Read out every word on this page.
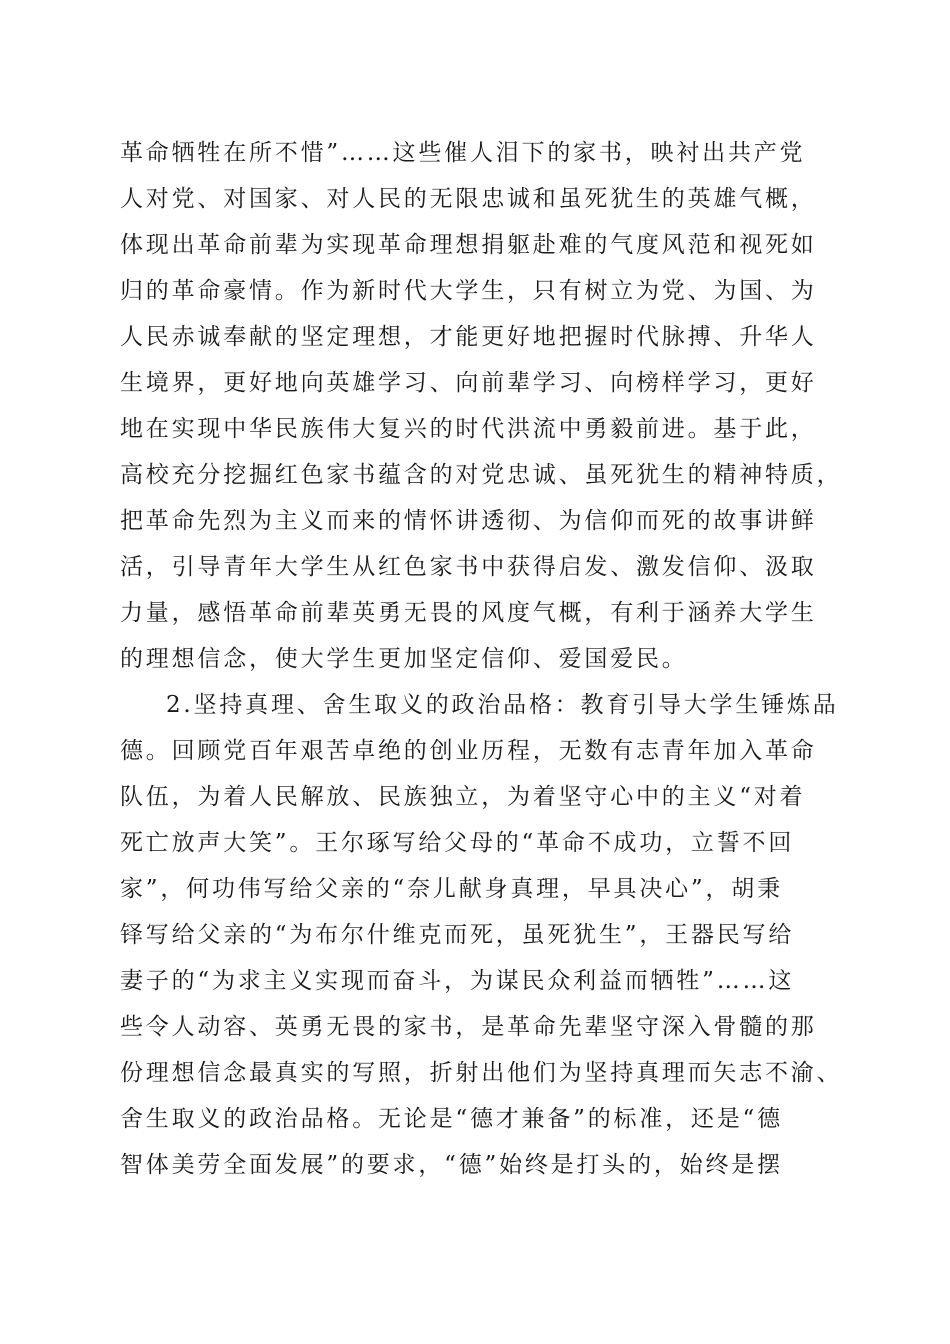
革命牺牲在所不惜”……这些催人泪下的家书，映衬出共产党
人对党、对国家、对人民的无限忠诚和虽死犹生的英雄气概，
体现出革命前辈为实现革命理想捐躯赴难的气度风范和视死如
归的革命豪情。作为新时代大学生，只有树立为党、为国、为
人民赤诚奉献的坚定理想，才能更好地把握时代脉搏、升华人
生境界，更好地向英雄学习、向前辈学习、向榜样学习，更好
地在实现中华民族伟大复兴的时代洪流中勇毅前进。基于此，
高校充分挖掘红色家书蕴含的对党忠诚、虽死犹生的精神特质，
把革命先烈为主义而来的情怀讲透彻、为信仰而死的故事讲鲜
活，引导青年大学生从红色家书中获得启发、激发信仰、汲取
力量，感悟革命前辈英勇无畏的风度气概，有利于涵养大学生
的理想信念，使大学生更加坚定信仰、爱国爱民。
2.坚持真理、舍生取义的政治品格：教育引导大学生锤炼品
德。回顾党百年艰苦卓绝的创业历程，无数有志青年加入革命
队伍，为着人民解放、民族独立，为着坚守心中的主义“对着
死亡放声大笑”。王尔琢写给父母的“革命不成功，立誓不回
家”，何功伟写给父亲的“奈儿献身真理，早具决心”，胡秉
铎写给父亲的“为布尔什维克而死，虽死犹生”，王器民写给
妻子的“为求主义实现而奋斗，为谋民众利益而牺牲”……这
些令人动容、英勇无畏的家书，是革命先辈坚守深入骨髓的那
份理想信念最真实的写照，折射出他们为坚持真理而矢志不渝、
舍生取义的政治品格。无论是“德才兼备”的标准，还是“德
智体美劳全面发展”的要求，“德”始终是打头的，始终是摆
